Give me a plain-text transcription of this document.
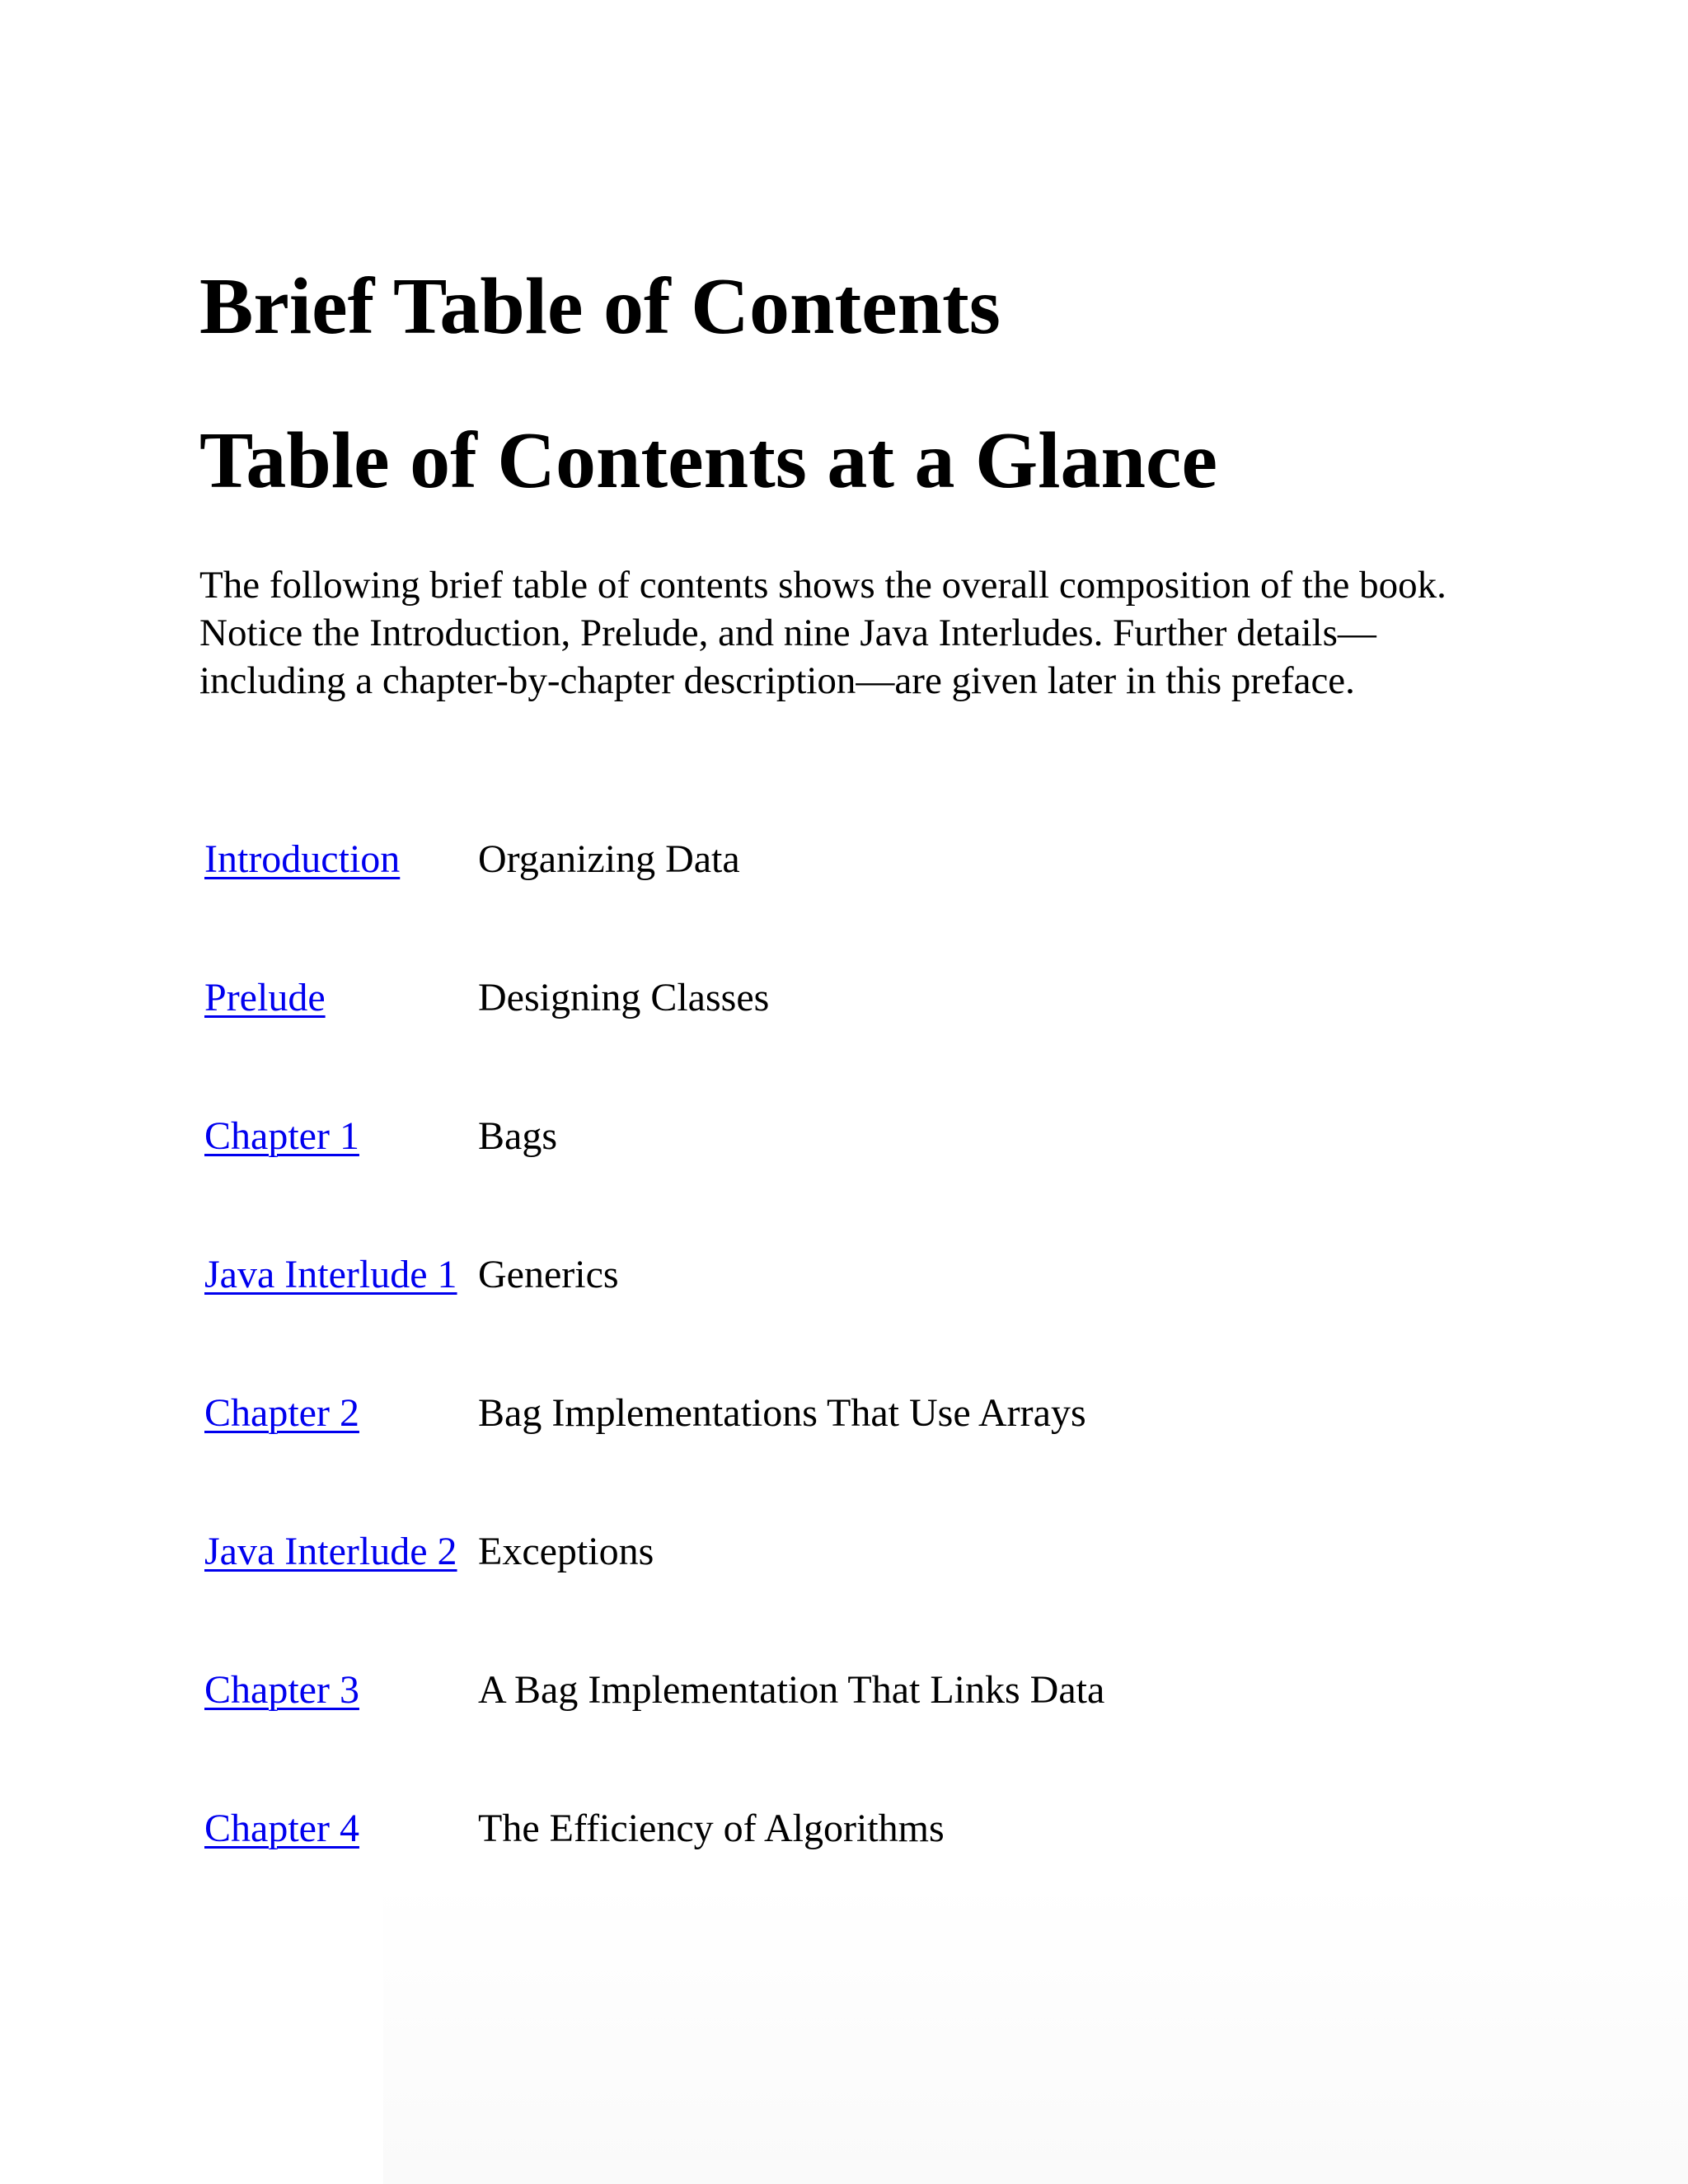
Brief Table of Contents
Table of Contents at a Glance

The following brief table of contents shows the overall composition of the book. Notice the Introduction, Prelude, and nine Java Interludes. Further details—including a chapter-by-chapter description—are given later in this preface.

Introduction Organizing Data
Prelude	Designing Classes
Chapter 1	Bags
Java Interlude 1 Generics
Chapter 2	Bag Implementations That Use Arrays
Java Interlude 2 Exceptions
Chapter 3	A Bag Implementation That Links Data
Chapter 4	The Efficiency of Algorithms
